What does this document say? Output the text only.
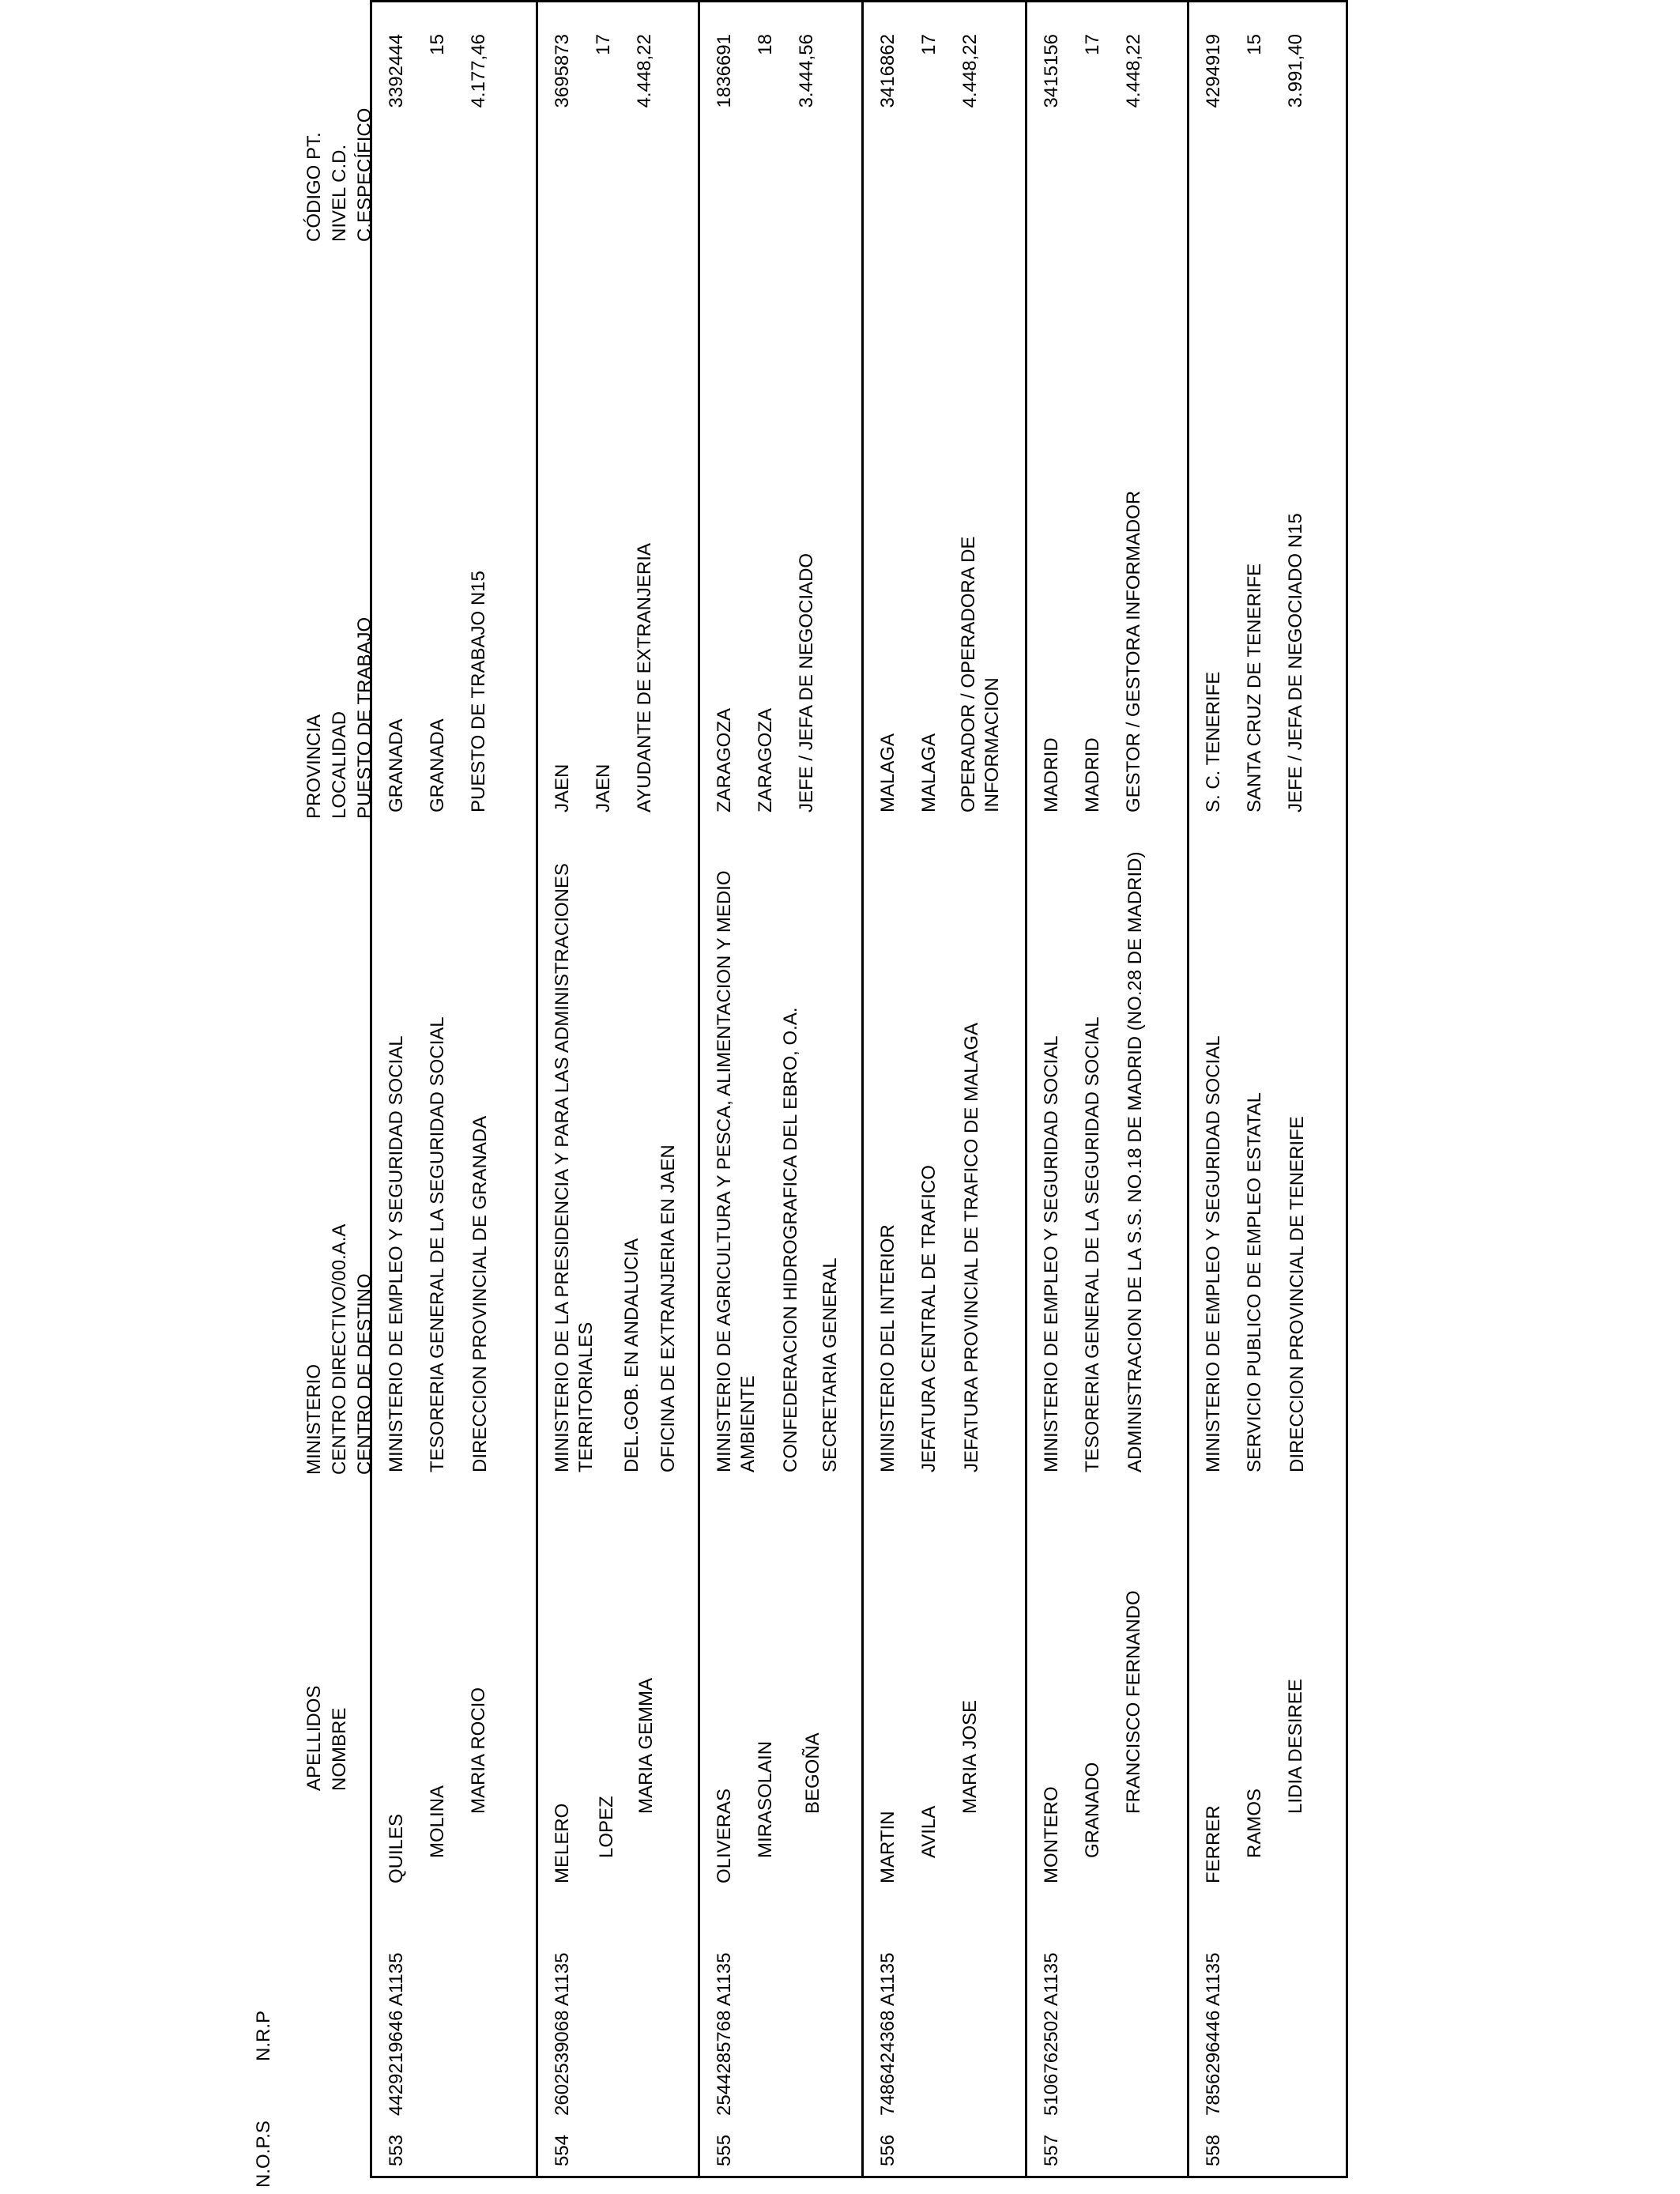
N.O.P.S
N.R.P

APELLIDOS NOMBRE

MINISTERIO CENTRO DIRECTIVO/00.A.A CENTRO DE DESTINO

PROVINCIA LOCALIDAD PUESTO DE TRABAJO

CÓDIGO PT. NIVEL C.D. C.ESPECÍFICO

553
4429219646 A1135
QUILES MOLINA
MARIA ROCIO
MINISTERIO DE EMPLEO Y SEGURIDAD SOCIAL TESORERIA GENERAL DE LA SEGURIDAD SOCIAL DIRECCION PROVINCIAL DE GRANADA
GRANADA GRANADA PUESTO DE TRABAJO N15
3392444 15 4.177,46
554
2602539068 A1135
MELERO LOPEZ
MARIA GEMMA
MINISTERIO DE LA PRESIDENCIA Y PARA LAS ADMINISTRACIONES TERRITORIALES DEL.GOB. EN ANDALUCIA OFICINA DE EXTRANJERIA EN JAEN
JAEN JAEN AYUDANTE DE EXTRANJERIA
3695873 17 4.448,22
555
2544285768 A1135
OLIVERAS MIRASOLAIN BEGOÑA
MINISTERIO DE AGRICULTURA Y PESCA, ALIMENTACION Y MEDIO AMBIENTE CONFEDERACION HIDROGRAFICA DEL EBRO, O.A. SECRETARIA GENERAL
ZARAGOZA ZARAGOZA JEFE / JEFA DE NEGOCIADO
1836691 18 3.444,56
556
7486424368 A1135
MARTIN AVILA
MARIA JOSE
MINISTERIO DEL INTERIOR JEFATURA CENTRAL DE TRAFICO JEFATURA PROVINCIAL DE TRAFICO DE MALAGA
MALAGA MALAGA OPERADOR / OPERADORA DE INFORMACION
3416862 17 4.448,22
557
5106762502 A1135
MONTERO GRANADO FRANCISCO FERNANDO
MINISTERIO DE EMPLEO Y SEGURIDAD SOCIAL TESORERIA GENERAL DE LA SEGURIDAD SOCIAL ADMINISTRACION DE LA S.S. NO.18 DE MADRID (NO.28 DE MADRID)
MADRID MADRID GESTOR / GESTORA INFORMADOR
3415156 17 4.448,22
558
7856296446 A1135
FERRER RAMOS
LIDIA DESIREE
MINISTERIO DE EMPLEO Y SEGURIDAD SOCIAL SERVICIO PUBLICO DE EMPLEO ESTATAL DIRECCION PROVINCIAL DE TENERIFE
S. C. TENERIFE SANTA CRUZ DE TENERIFE JEFE / JEFA DE NEGOCIADO N15
4294919 15 3.991,40
